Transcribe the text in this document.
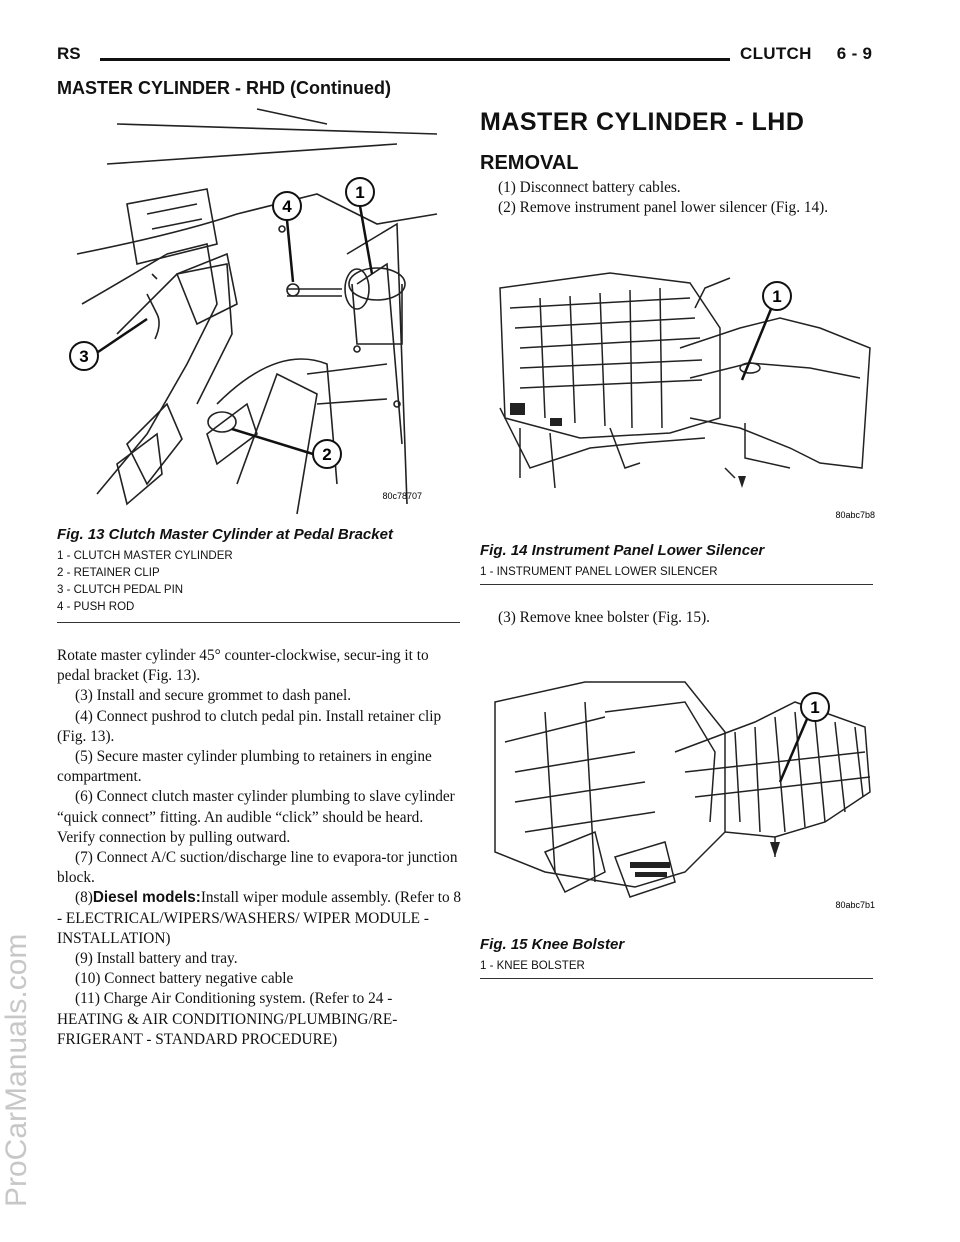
RS	CLUTCH     6 - 9
MASTER CYLINDER - RHD (Continued)
ProCarManuals.com
1
2
3
4
80c78707
Fig. 13 Clutch Master Cylinder at Pedal Bracket
1 - CLUTCH MASTER CYLINDER
2 - RETAINER CLIP
3 - CLUTCH PEDAL PIN
4 - PUSH ROD

Rotate master cylinder 45° counter-clockwise, secur-ing it to pedal bracket (Fig. 13).

(3) Install and secure grommet to dash panel.

(4) Connect pushrod to clutch pedal pin. Install retainer clip (Fig. 13).

(5) Secure master cylinder plumbing to retainers in engine compartment.

(6) Connect clutch master cylinder plumbing to slave cylinder “quick connect” fitting. An audible “click” should be heard. Verify connection by pulling outward.

(7) Connect A/C suction/discharge line to evapora-tor junction block.

(8)Diesel models:Install wiper module assembly. (Refer to 8 - ELECTRICAL/WIPERS/WASHERS/ WIPER MODULE - INSTALLATION)

(9) Install battery and tray.

(10) Connect battery negative cable

(11) Charge Air Conditioning system. (Refer to 24 - HEATING & AIR CONDITIONING/PLUMBING/RE-FRIGERANT - STANDARD PROCEDURE)

MASTER CYLINDER - LHD
REMOVAL

(1) Disconnect battery cables.

(2) Remove instrument panel lower silencer (Fig. 14).

1
80abc7b8
Fig. 14 Instrument Panel Lower Silencer
1 - INSTRUMENT PANEL LOWER SILENCER

(3) Remove knee bolster (Fig. 15).

1
80abc7b1
Fig. 15 Knee Bolster
1 - KNEE BOLSTER
